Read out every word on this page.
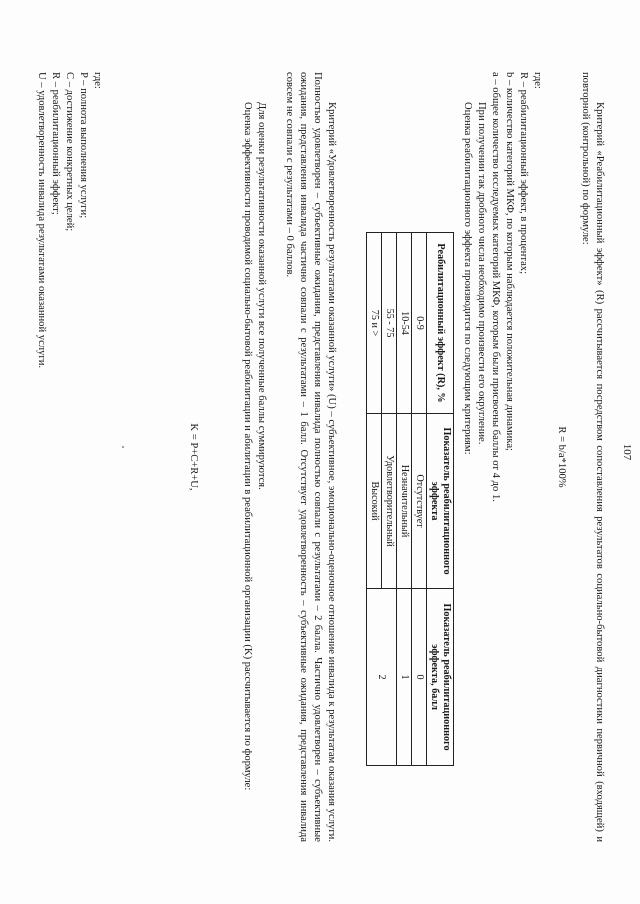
107
Критерий «Реабилитационный эффект» (R) рассчитывается посредством сопоставления результатов социально-бытовой диагностики первичной (входящей) и повторной (контрольной) по формуле:
R = b/a*100%

где:

R – реабилитационный эффект, в процентах;

b – количество категорий МКФ, по которым наблюдается положительная динамика;

a – общее количество исследуемых категорий МКФ, которым были присвоены баллы от 4 до 1.

При получении так дробного числа необходимо произвести его округление.

Оценка реабилитационного эффекта производится по следующим критериям:

Реабилитационный эффект (R), %	Показатель реабилитационного эффекта	Показатель реабилитационного эффекта, балл
0-9	Отсутствует	0
10-54	Незначительный	1
55 - 75	Удовлетворительный	2
75 и >	Высокий	
Критерий «Удовлетворенность результатами оказанной услуги» (U) – субъективное, эмоционально-оценочное отношение инвалида к результатам оказания услуги. Полностью удовлетворен – субъективные ожидания, представления инвалида полностью совпали с результатами – 2 балла. Частично удовлетворен – субъективные ожидания, представления инвалида частично совпали с результатами – 1 балл. Отсутствует удовлетворенность – субъективные ожидания, представления инвалида совсем не совпали с результатами – 0 баллов.
Для оценки результативности оказанной услуги все полученные баллы суммируются.
Оценка эффективности проводимой социально-бытовой реабилитации и абилитации в реабилитационной организации (K) рассчитывается по формуле:
K = P+C+R+U,

где:

P – полнота выполнения услуги;

C – достижение конкретных целей;

R – реабилитационный эффект;

U – удовлетворенность инвалида результатами оказанной услуги.
